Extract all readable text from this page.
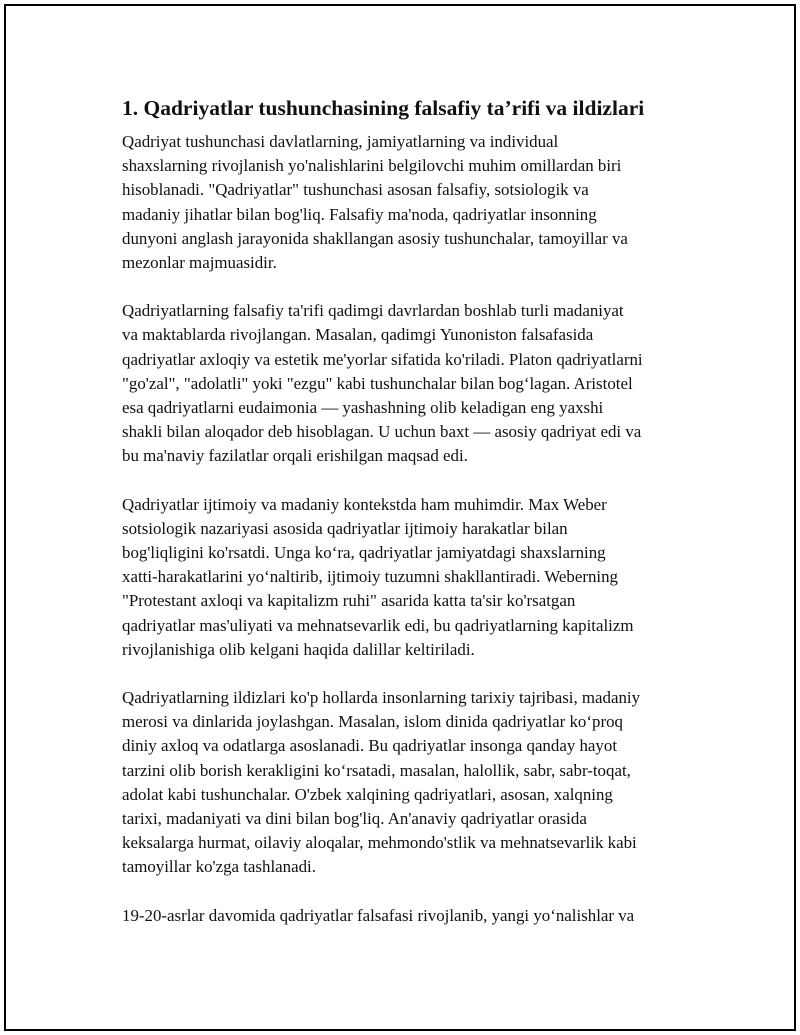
1. Qadriyatlar tushunchasining falsafiy ta’rifi va ildizlari

Qadriyat tushunchasi davlatlarning, jamiyatlarning va individual
shaxslarning rivojlanish yo'nalishlarini belgilovchi muhim omillardan biri
hisoblanadi. "Qadriyatlar" tushunchasi asosan falsafiy, sotsiologik va
madaniy jihatlar bilan bog'liq. Falsafiy ma'noda, qadriyatlar insonning
dunyoni anglash jarayonida shakllangan asosiy tushunchalar, tamoyillar va
mezonlar majmuasidir.

Qadriyatlarning falsafiy ta'rifi qadimgi davrlardan boshlab turli madaniyat
va maktablarda rivojlangan. Masalan, qadimgi Yunoniston falsafasida
qadriyatlar axloqiy va estetik me'yorlar sifatida ko'riladi. Platon qadriyatlarni
"go'zal", "adolatli" yoki "ezgu" kabi tushunchalar bilan bog‘lagan. Aristotel
esa qadriyatlarni eudaimonia — yashashning olib keladigan eng yaxshi
shakli bilan aloqador deb hisoblagan. U uchun baxt — asosiy qadriyat edi va
bu ma'naviy fazilatlar orqali erishilgan maqsad edi.

Qadriyatlar ijtimoiy va madaniy kontekstda ham muhimdir. Max Weber
sotsiologik nazariyasi asosida qadriyatlar ijtimoiy harakatlar bilan
bog'liqligini ko'rsatdi. Unga ko‘ra, qadriyatlar jamiyatdagi shaxslarning
xatti-harakatlarini yo‘naltirib, ijtimoiy tuzumni shakllantiradi. Weberning
"Protestant axloqi va kapitalizm ruhi" asarida katta ta'sir ko'rsatgan
qadriyatlar mas'uliyati va mehnatsevarlik edi, bu qadriyatlarning kapitalizm
rivojlanishiga olib kelgani haqida dalillar keltiriladi.

Qadriyatlarning ildizlari ko'p hollarda insonlarning tarixiy tajribasi, madaniy
merosi va dinlarida joylashgan. Masalan, islom dinida qadriyatlar ko‘proq
diniy axloq va odatlarga asoslanadi. Bu qadriyatlar insonga qanday hayot
tarzini olib borish kerakligini ko‘rsatadi, masalan, halollik, sabr, sabr-toqat,
adolat kabi tushunchalar. O'zbek xalqining qadriyatlari, asosan, xalqning
tarixi, madaniyati va dini bilan bog'liq. An'anaviy qadriyatlar orasida
keksalarga hurmat, oilaviy aloqalar, mehmondo'stlik va mehnatsevarlik kabi
tamoyillar ko'zga tashlanadi.

19-20-asrlar davomida qadriyatlar falsafasi rivojlanib, yangi yo‘nalishlar va
